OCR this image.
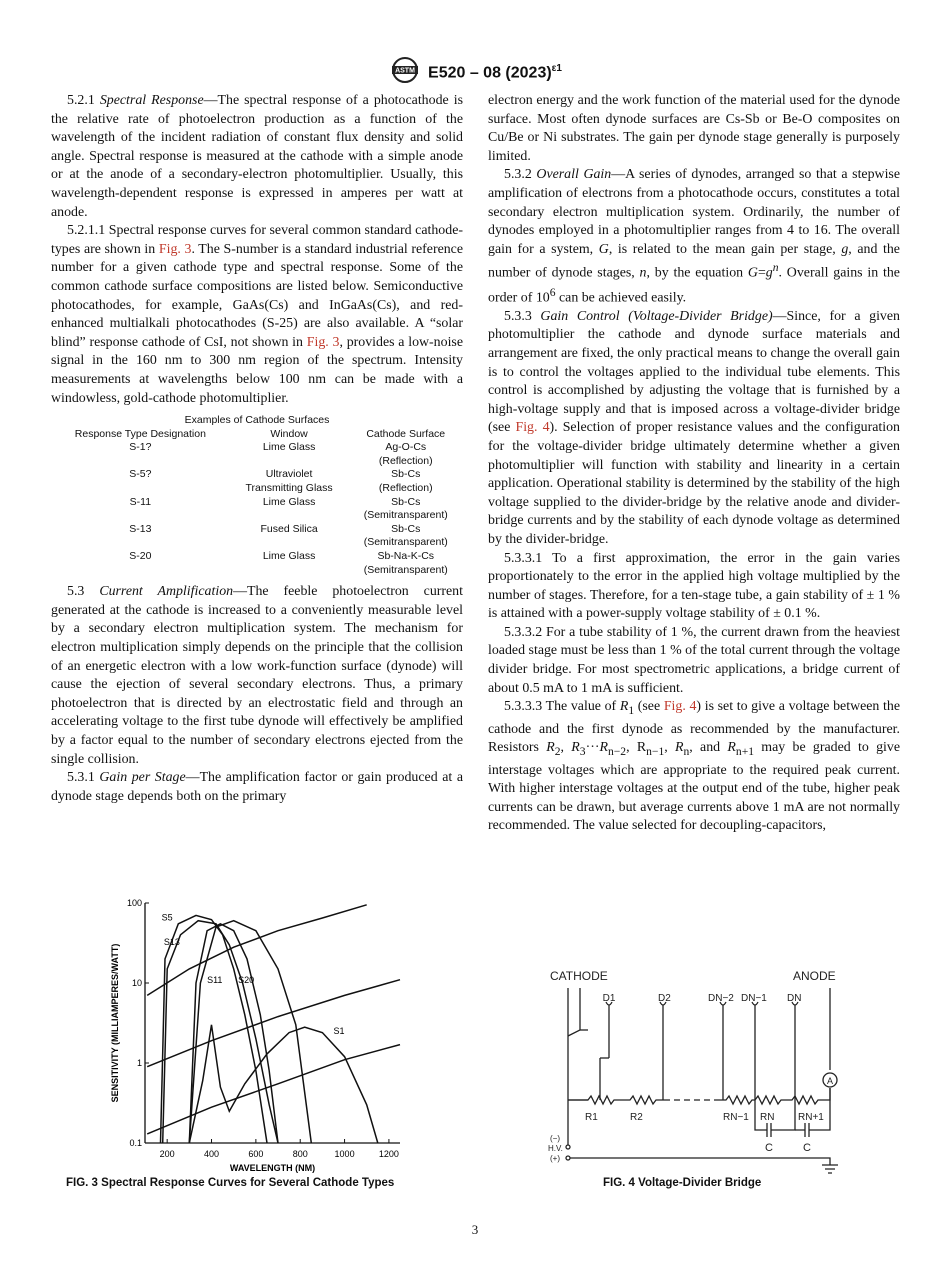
ASTM E520 – 08 $(2023)^{\varepsilon 1}$

5.2.1 Spectral Response—The spectral response of a photocathode is the relative rate of photoelectron production as a function of the wavelength of the incident radiation of constant flux density and solid angle. Spectral response is measured at the cathode with a simple anode or at the anode of a secondary-electron photomultiplier. Usually, this wavelength-dependent response is expressed in amperes per watt at anode.

5.2.1.1 Spectral response curves for several common standard cathode-types are shown in Fig. 3. The S-number is a standard industrial reference number for a given cathode type and spectral response. Some of the common cathode surface compositions are listed below. Semiconductive photocathodes, for example, GaAs(Cs) and InGaAs(Cs), and red-enhanced multialkali photocathodes (S-25) are also available. A “solar blind” response cathode of CsI, not shown in Fig. 3, provides a low-noise signal in the 160 nm to 300 nm region of the spectrum. Intensity measurements at wavelengths below 100 nm can be made with a windowless, gold-cathode photomultiplier.

Examples of Cathode Surfaces
Response Type Designation	Window	Cathode Surface
S-1?	Lime Glass	Ag-O-Cs
		(Reflection)
S-5?	Ultraviolet	Sb-Cs
	Transmitting Glass	(Reflection)
S-11	Lime Glass	Sb-Cs
		(Semitransparent)
S-13	Fused Silica	Sb-Cs
		(Semitransparent)
S-20	Lime Glass	Sb-Na-K-Cs
		(Semitransparent)

5.3 Current Amplification—The feeble photoelectron current generated at the cathode is increased to a conveniently measurable level by a secondary electron multiplication system. The mechanism for electron multiplication simply depends on the principle that the collision of an energetic electron with a low work-function surface (dynode) will cause the ejection of several secondary electrons. Thus, a primary photoelectron that is directed by an electrostatic field and through an accelerating voltage to the first tube dynode will effectively be amplified by a factor equal to the number of secondary electrons ejected from the single collision.

5.3.1 Gain per Stage—The amplification factor or gain produced at a dynode stage depends both on the primary

electron energy and the work function of the material used for the dynode surface. Most often dynode surfaces are Cs-Sb or Be-O composites on Cu/Be or Ni substrates. The gain per dynode stage generally is purposely limited.

5.3.2 Overall Gain—A series of dynodes, arranged so that a stepwise amplification of electrons from a photocathode occurs, constitutes a total secondary electron multiplication system. Ordinarily, the number of dynodes employed in a photomultiplier ranges from 4 to 16. The overall gain for a system, G, is related to the mean gain per stage, g, and the number of dynode stages, n, by the equation $G=g^n$. Overall gains in the order of $10^6$ can be achieved easily.

5.3.3 Gain Control (Voltage-Divider Bridge)—Since, for a given photomultiplier the cathode and dynode surface materials and arrangement are fixed, the only practical means to change the overall gain is to control the voltages applied to the individual tube elements. This control is accomplished by adjusting the voltage that is furnished by a high-voltage supply and that is imposed across a voltage-divider bridge (see Fig. 4). Selection of proper resistance values and the configuration for the voltage-divider bridge ultimately determine whether a given photomultiplier will function with stability and linearity in a certain application. Operational stability is determined by the stability of the high voltage supplied to the divider-bridge by the relative anode and divider-bridge currents and by the stability of each dynode voltage as determined by the divider-bridge.

5.3.3.1 To a first approximation, the error in the gain varies proportionately to the error in the applied high voltage multiplied by the number of stages. Therefore, for a ten-stage tube, a gain stability of ± 1 % is attained with a power-supply voltage stability of ± 0.1 %.

5.3.3.2 For a tube stability of 1 %, the current drawn from the heaviest loaded stage must be less than 1 % of the total current through the voltage divider bridge. For most spectrometric applications, a bridge current of about 0.5 mA to 1 mA is sufficient.

5.3.3.3 The value of $R_1$ (see Fig. 4) is set to give a voltage between the cathode and the first dynode as recommended by the manufacturer. Resistors $R_2$, $R_3\cdot\cdot\cdot R_{n-2}$, $R_{n-1}$, $R_n$, and $R_{n+1}$ may be graded to give interstage voltages which are appropriate to the required peak current. With higher interstage voltages at the output end of the tube, higher peak currents can be drawn, but average currents above 1 mA are not normally recommended. The value selected for decoupling-capacitors,

200	400	600	800	1000	1200
0.1
1
10
100
WAVELENGTH (NM)
SENSITIVITY (MILLIAMPERES/WATT)
S5
S13
S11 S20
S1
FIG. 3 Spectral Response Curves for Several Cathode Types
CATHODE	ANODE
A
D1	D2	DN−2 DN−1 DN
R1	R2	RN−1 RN RN+1
C	C
(−)
H.V.
(+)
FIG. 4 Voltage-Divider Bridge
3
